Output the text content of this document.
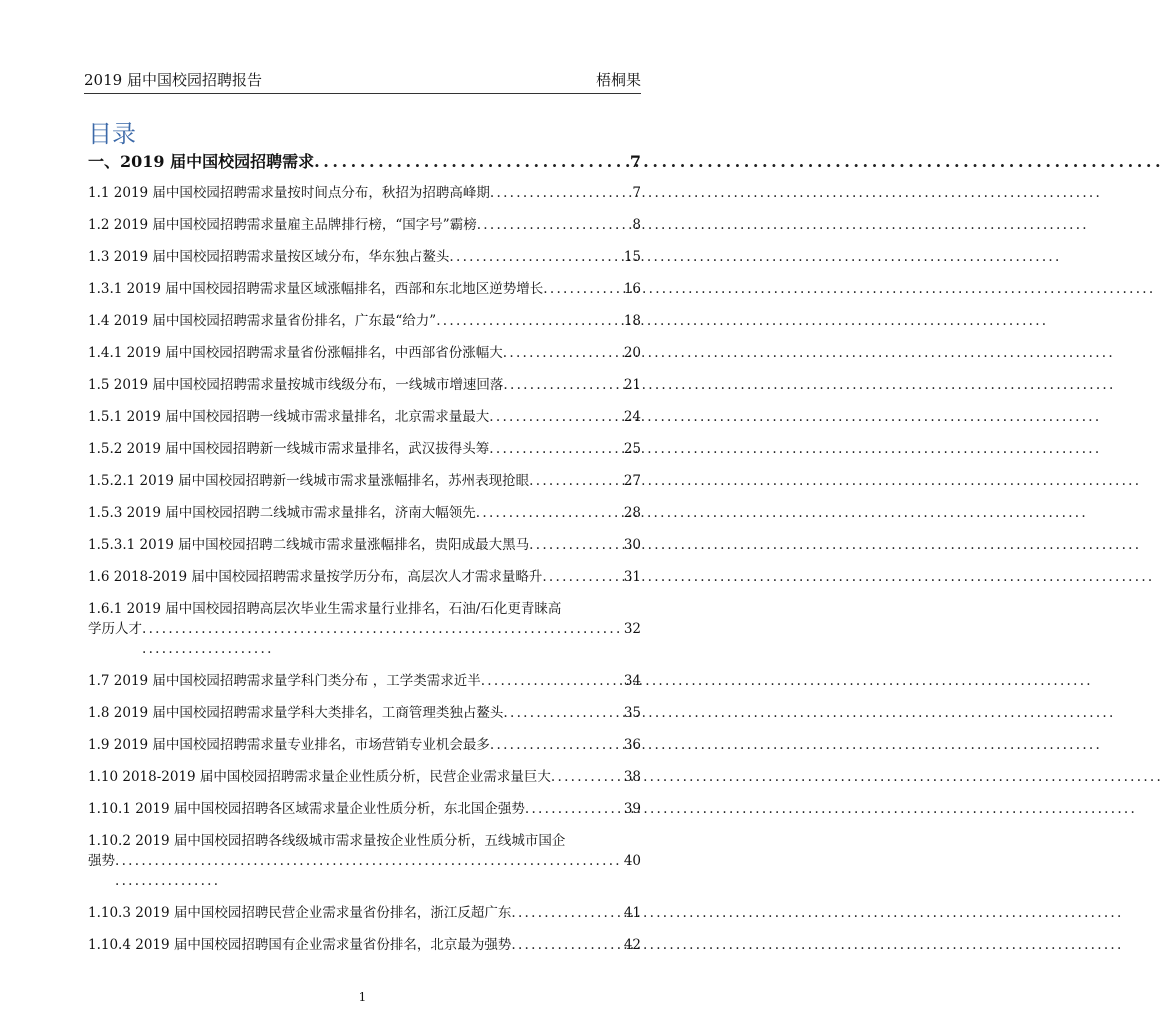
2019 届中国校园招聘报告	梧桐果
目录
一、2019 届中国校园招聘需求 . . .	7
1.1 2019 届中国校园招聘需求量按时间点分布，秋招为招聘高峰期 . . .	7
1.2 2019 届中国校园招聘需求量雇主品牌排行榜，“国字号”霸榜 . . .	8
1.3 2019 届中国校园招聘需求量按区域分布，华东独占鳌头 . . .	15
1.3.1 2019 届中国校园招聘需求量区域涨幅排名，西部和东北地区逆势增长 . . .	16
1.4 2019 届中国校园招聘需求量省份排名，广东最“给力” . . .	18
1.4.1 2019 届中国校园招聘需求量省份涨幅排名，中西部省份涨幅大 . . .	20
1.5 2019 届中国校园招聘需求量按城市线级分布，一线城市增速回落 . . .	21
1.5.1 2019 届中国校园招聘一线城市需求量排名，北京需求量最大 . . .	24
1.5.2 2019 届中国校园招聘新一线城市需求量排名，武汉拔得头筹 . . .	25
1.5.2.1 2019 届中国校园招聘新一线城市需求量涨幅排名，苏州表现抢眼 . . .	27
1.5.3 2019 届中国校园招聘二线城市需求量排名，济南大幅领先 . . .	28
1.5.3.1 2019 届中国校园招聘二线城市需求量涨幅排名，贵阳成最大黑马 . . .	30
1.6 2018-2019 届中国校园招聘需求量按学历分布，高层次人才需求量略升 . . .	31
1.6.1 2019 届中国校园招聘高层次毕业生需求量行业排名，石油/石化更青睐高
学历人才 . . .	32
1.7 2019 届中国校园招聘需求量学科门类分布 ，工学类需求近半 . . .	34
1.8 2019 届中国校园招聘需求量学科大类排名，工商管理类独占鳌头 . . .	35
1.9 2019 届中国校园招聘需求量专业排名，市场营销专业机会最多 . . .	36
1.10 2018-2019 届中国校园招聘需求量企业性质分析，民营企业需求量巨大 . . .	38
1.10.1 2019 届中国校园招聘各区域需求量企业性质分析，东北国企强势 . . .	39
1.10.2 2019 届中国校园招聘各线级城市需求量按企业性质分析，五线城市国企
强势 . . .	40
1.10.3 2019 届中国校园招聘民营企业需求量省份排名，浙江反超广东 . . .	41
1.10.4 2019 届中国校园招聘国有企业需求量省份排名，北京最为强势 . . .	42
1
